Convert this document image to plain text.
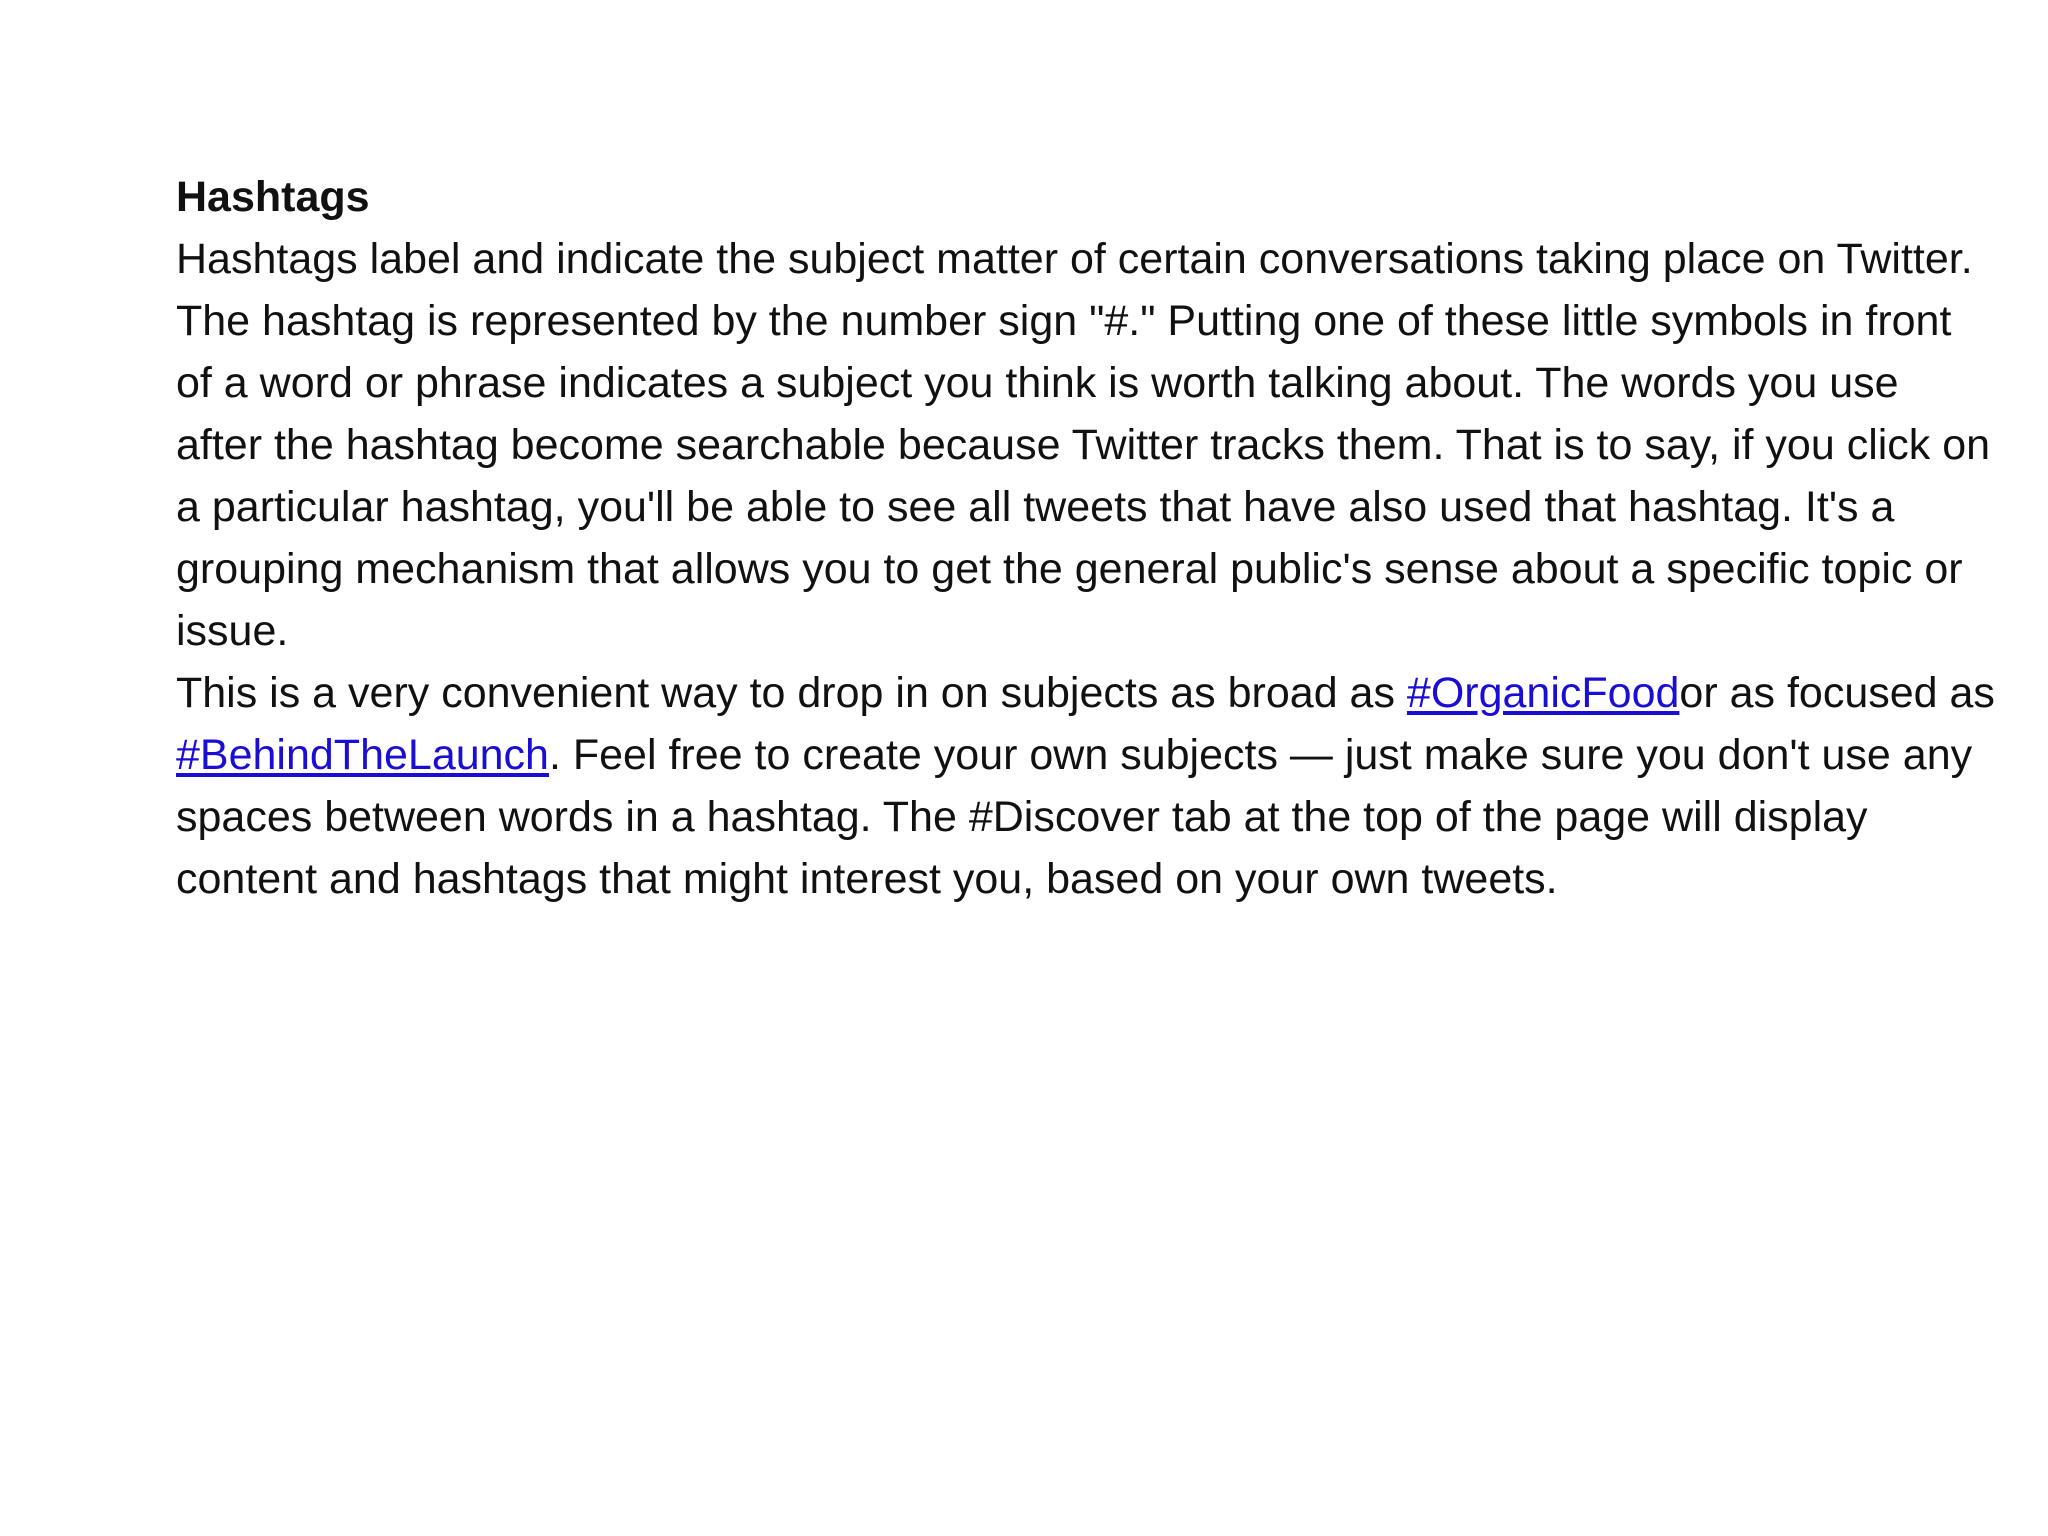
Hashtags

Hashtags label and indicate the subject matter of certain conversations taking place on Twitter. The hashtag is represented by the number sign "#." Putting one of these little symbols in front of a word or phrase indicates a subject you think is worth talking about. The words you use after the hashtag become searchable because Twitter tracks them. That is to say, if you click on a particular hashtag, you'll be able to see all tweets that have also used that hashtag. It's a grouping mechanism that allows you to get the general public's sense about a specific topic or issue.

This is a very convenient way to drop in on subjects as broad as #OrganicFoodor as focused as #BehindTheLaunch. Feel free to create your own subjects — just make sure you don't use any spaces between words in a hashtag. The #Discover tab at the top of the page will display content and hashtags that might interest you, based on your own tweets.
